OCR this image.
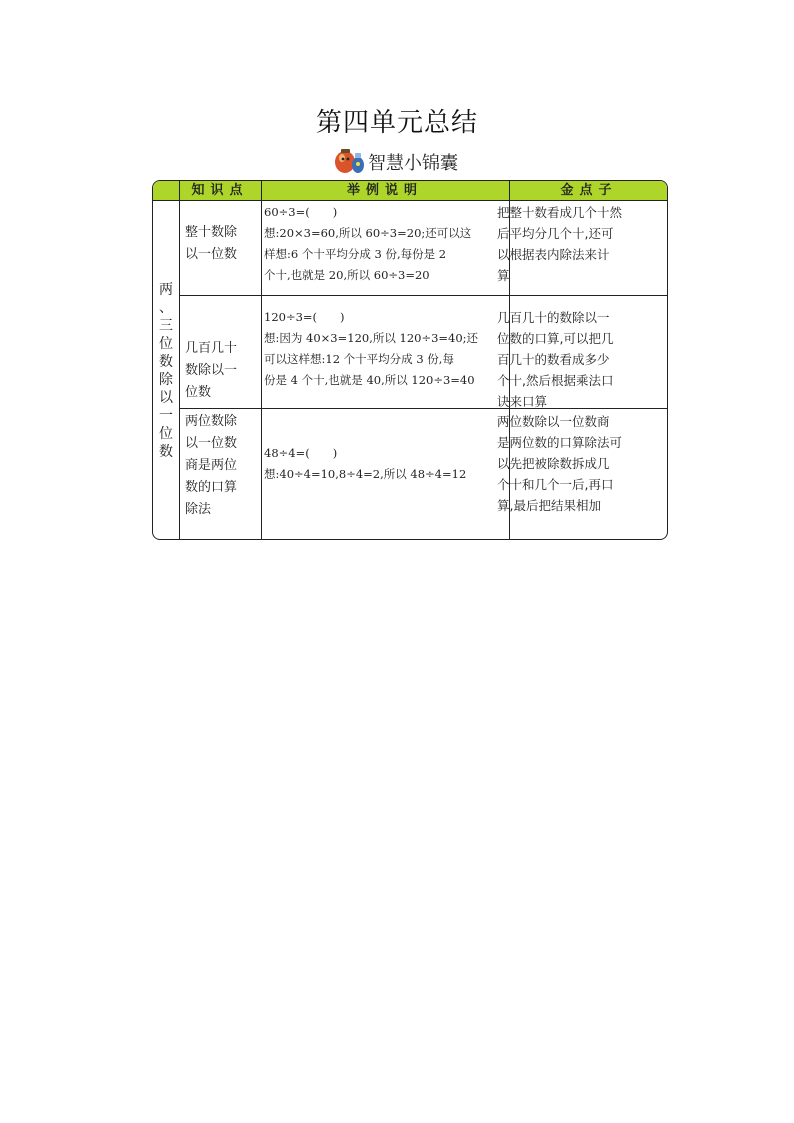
第四单元总结
智慧小锦囊
知识点	举例说明	金点子
两
、
三
位
数
除
以
一
位
数
整十数除
以一位数
60÷3=(　　)
想:20×3=60,所以 60÷3=20;还可以这
样想:6 个十平均分成 3 份,每份是 2
个十,也就是 20,所以 60÷3=20
把整十数看成几个十然
后平均分几个十,还可
以根据表内除法来计
算
几百几十
数除以一
位数
120÷3=(　　)
想:因为 40×3=120,所以 120÷3=40;还
可以这样想:12 个十平均分成 3 份,每
份是 4 个十,也就是 40,所以 120÷3=40
几百几十的数除以一
位数的口算,可以把几
百几十的数看成多少
个十,然后根据乘法口
诀来口算
两位数除
以一位数
商是两位
数的口算
除法
48÷4=(　　)
想:40÷4=10,8÷4=2,所以 48÷4=12
两位数除以一位数商
是两位数的口算除法可
以先把被除数拆成几
个十和几个一后,再口
算,最后把结果相加
